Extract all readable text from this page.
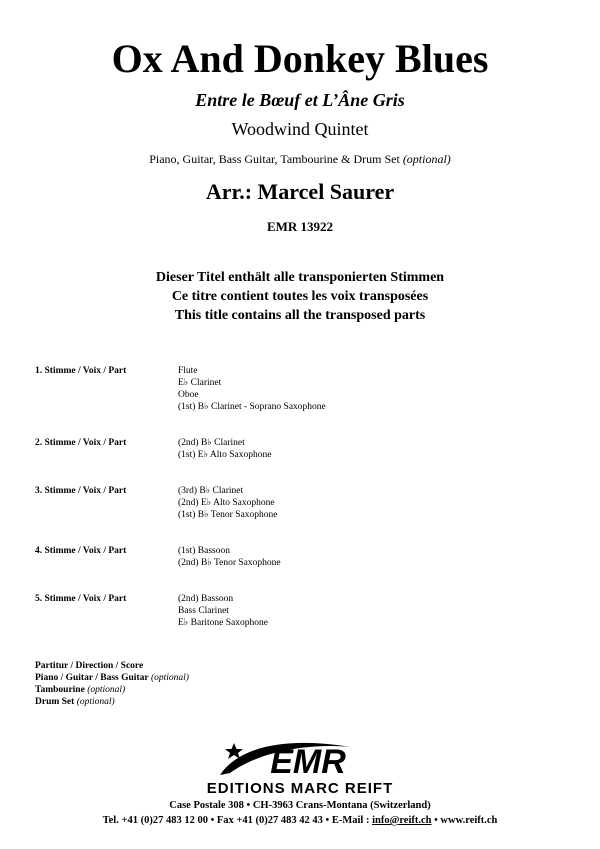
Ox And Donkey Blues
Entre le Bœuf et L’Âne Gris
Woodwind Quintet
Piano, Guitar, Bass Guitar, Tambourine & Drum Set (optional)
Arr.: Marcel Saurer
EMR 13922
Dieser Titel enthält alle transponierten Stimmen
Ce titre contient toutes les voix transposées
This title contains all the transposed parts
1. Stimme / Voix / Part	Flute
E♭ Clarinet
Oboe
(1st) B♭ Clarinet - Soprano Saxophone
2. Stimme / Voix / Part	(2nd) B♭ Clarinet
(1st) E♭ Alto Saxophone
3. Stimme / Voix / Part	(3rd) B♭ Clarinet
(2nd) E♭ Alto Saxophone
(1st) B♭ Tenor Saxophone
4. Stimme / Voix / Part	(1st) Bassoon
(2nd) B♭ Tenor Saxophone
5. Stimme / Voix / Part	(2nd) Bassoon
Bass Clarinet
E♭ Baritone Saxophone
Partitur / Direction / Score
Piano / Guitar / Bass Guitar (optional)
Tambourine (optional)
Drum Set (optional)
EMR
EDITIONS MARC REIFT
Case Postale 308 • CH-3963 Crans-Montana (Switzerland)
Tel. +41 (0)27 483 12 00 • Fax +41 (0)27 483 42 43 • E-Mail : info@reift.ch • www.reift.ch
